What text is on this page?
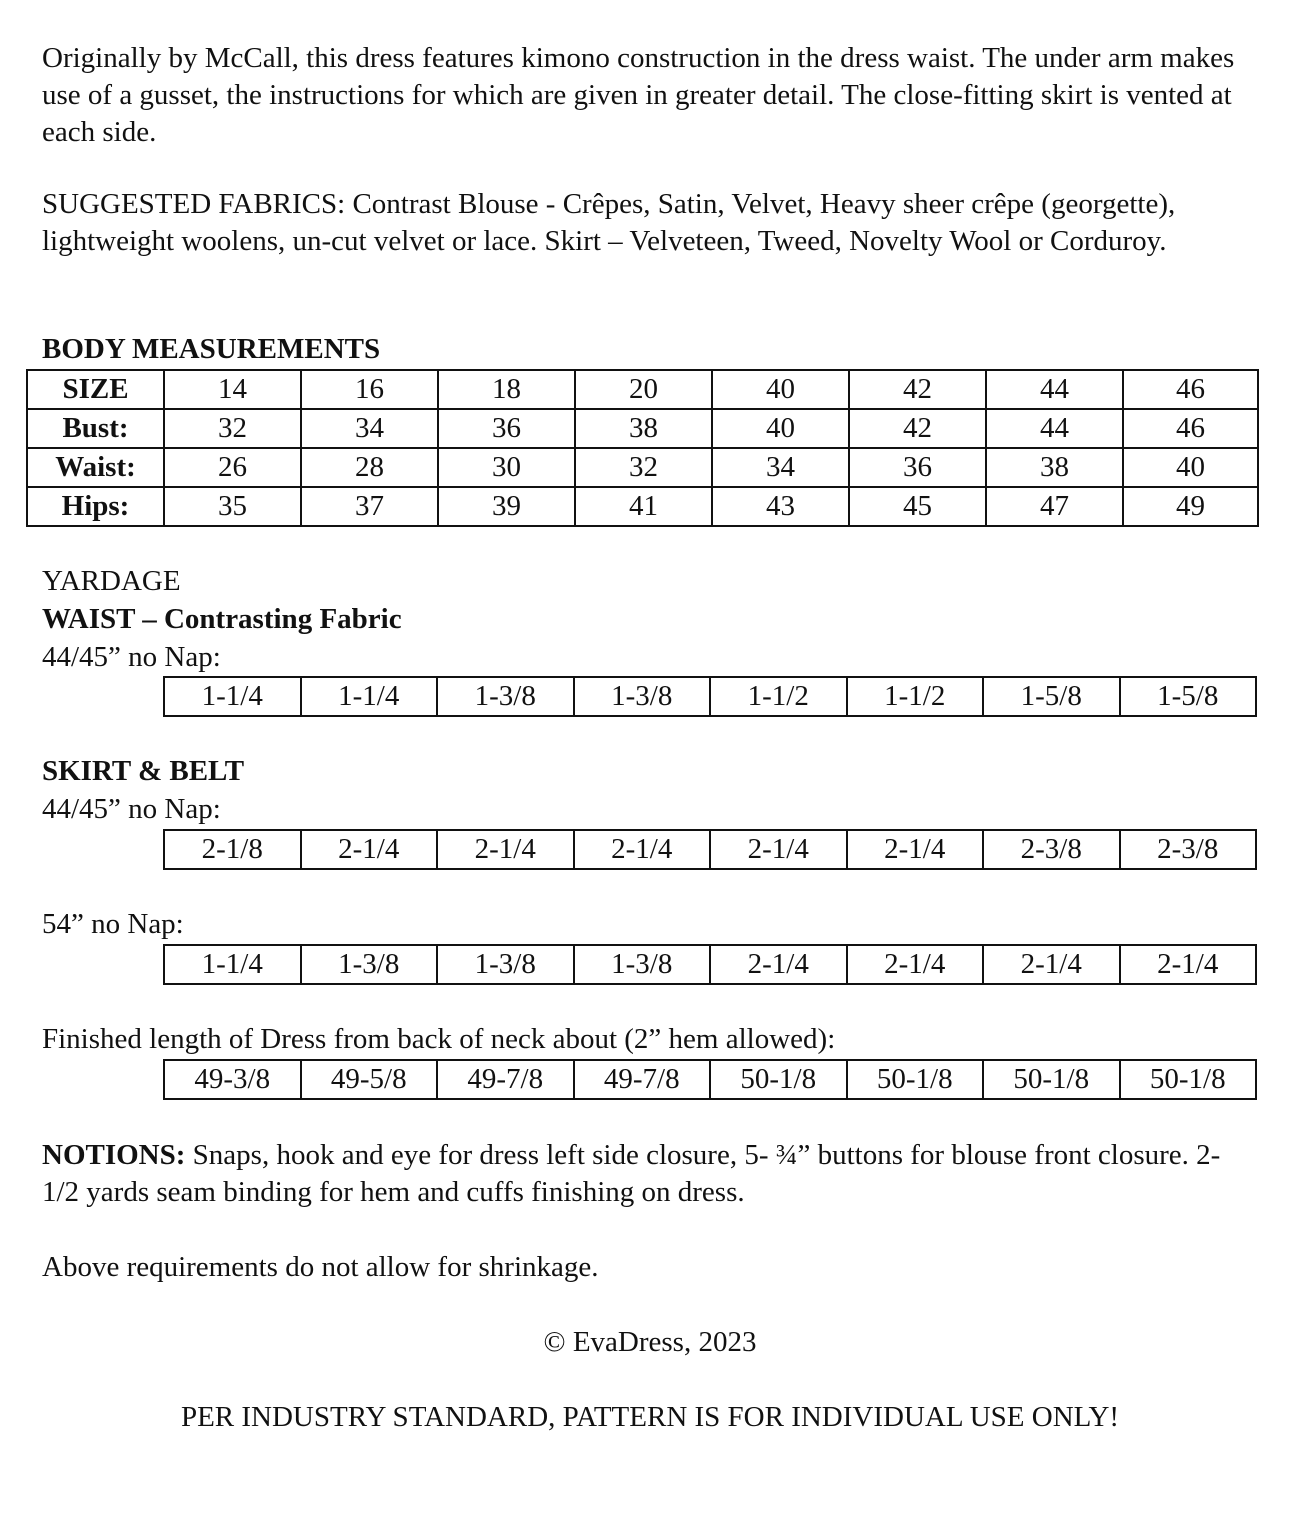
Originally by McCall, this dress features kimono construction in the dress waist. The under arm makes use of a gusset, the instructions for which are given in greater detail. The close-fitting skirt is vented at each side.

SUGGESTED FABRICS: Contrast Blouse - Crêpes, Satin, Velvet, Heavy sheer crêpe (georgette), lightweight woolens, un-cut velvet or lace. Skirt – Velveteen, Tweed, Novelty Wool or Corduroy.

BODY MEASUREMENTS

SIZE	14	16	18	20	40	42	44	46
Bust:	32	34	36	38	40	42	44	46
Waist:	26	28	30	32	34	36	38	40
Hips:	35	37	39	41	43	45	47	49

YARDAGE

WAIST – Contrasting Fabric

44/45” no Nap:

1-1/4	1-1/4	1-3/8	1-3/8	1-1/2	1-1/2	1-5/8	1-5/8

SKIRT & BELT

44/45” no Nap:

2-1/8	2-1/4	2-1/4	2-1/4	2-1/4	2-1/4	2-3/8	2-3/8

54” no Nap:

1-1/4	1-3/8	1-3/8	1-3/8	2-1/4	2-1/4	2-1/4	2-1/4

Finished length of Dress from back of neck about (2” hem allowed):

49-3/8	49-5/8	49-7/8	49-7/8	50-1/8	50-1/8	50-1/8	50-1/8

NOTIONS: Snaps, hook and eye for dress left side closure, 5- ¾” buttons for blouse front closure. 2-1/2 yards seam binding for hem and cuffs finishing on dress.

Above requirements do not allow for shrinkage.

© EvaDress, 2023

PER INDUSTRY STANDARD, PATTERN IS FOR INDIVIDUAL USE ONLY!
